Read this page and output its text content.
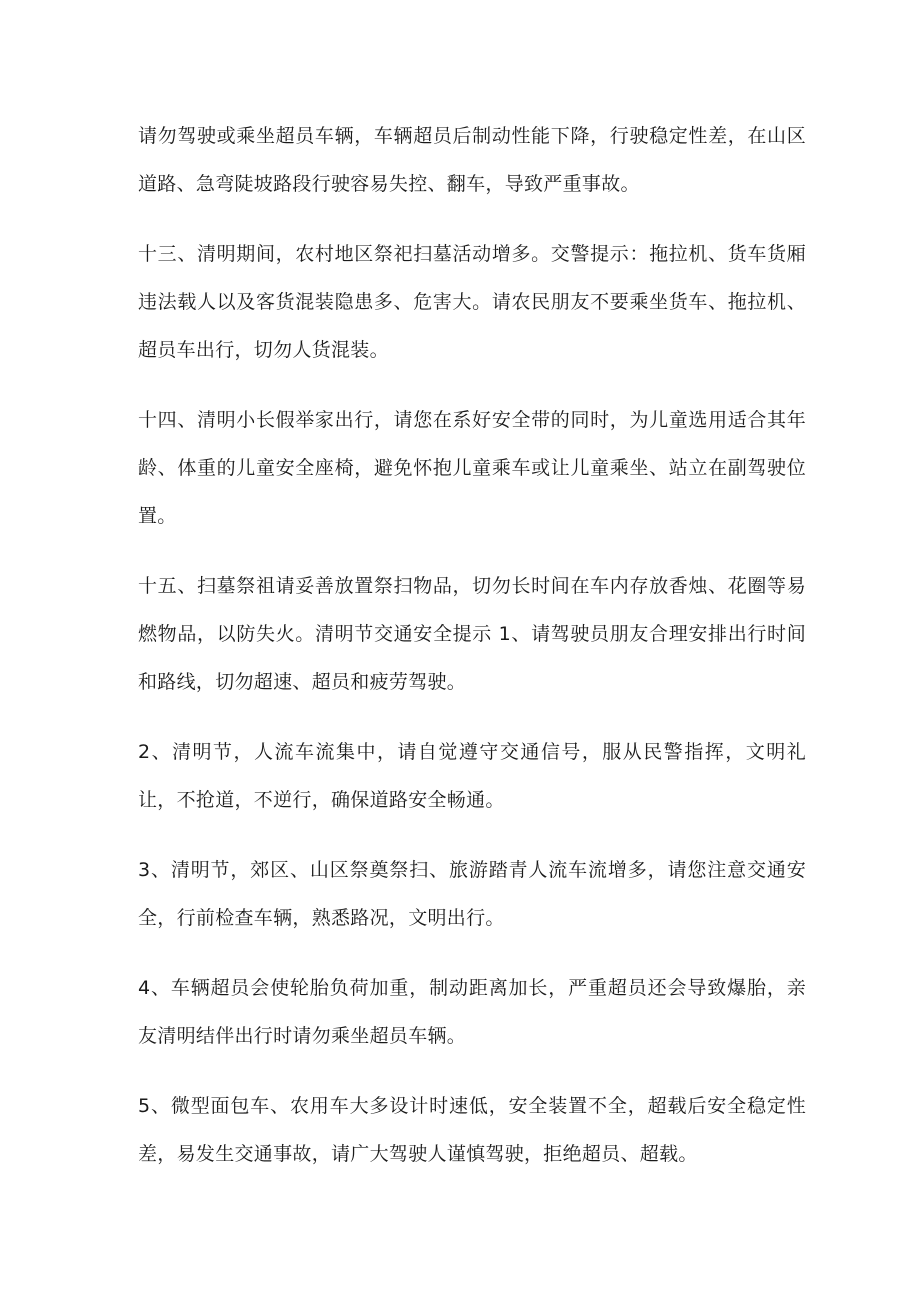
请勿驾驶或乘坐超员车辆，车辆超员后制动性能下降，行驶稳定性差，在山区道路、急弯陡坡路段行驶容易失控、翻车，导致严重事故。

十三、清明期间，农村地区祭祀扫墓活动增多。交警提示：拖拉机、货车货厢违法载人以及客货混装隐患多、危害大。请农民朋友不要乘坐货车、拖拉机、超员车出行，切勿人货混装。

十四、清明小长假举家出行，请您在系好安全带的同时，为儿童选用适合其年龄、体重的儿童安全座椅，避免怀抱儿童乘车或让儿童乘坐、站立在副驾驶位置。

十五、扫墓祭祖请妥善放置祭扫物品，切勿长时间在车内存放香烛、花圈等易燃物品，以防失火。清明节交通安全提示 1、请驾驶员朋友合理安排出行时间和路线，切勿超速、超员和疲劳驾驶。

2、清明节，人流车流集中，请自觉遵守交通信号，服从民警指挥，文明礼让，不抢道，不逆行，确保道路安全畅通。

3、清明节，郊区、山区祭奠祭扫、旅游踏青人流车流增多，请您注意交通安全，行前检查车辆，熟悉路况，文明出行。

4、车辆超员会使轮胎负荷加重，制动距离加长，严重超员还会导致爆胎，亲友清明结伴出行时请勿乘坐超员车辆。

5、微型面包车、农用车大多设计时速低，安全装置不全，超载后安全稳定性差，易发生交通事故，请广大驾驶人谨慎驾驶，拒绝超员、超载。
